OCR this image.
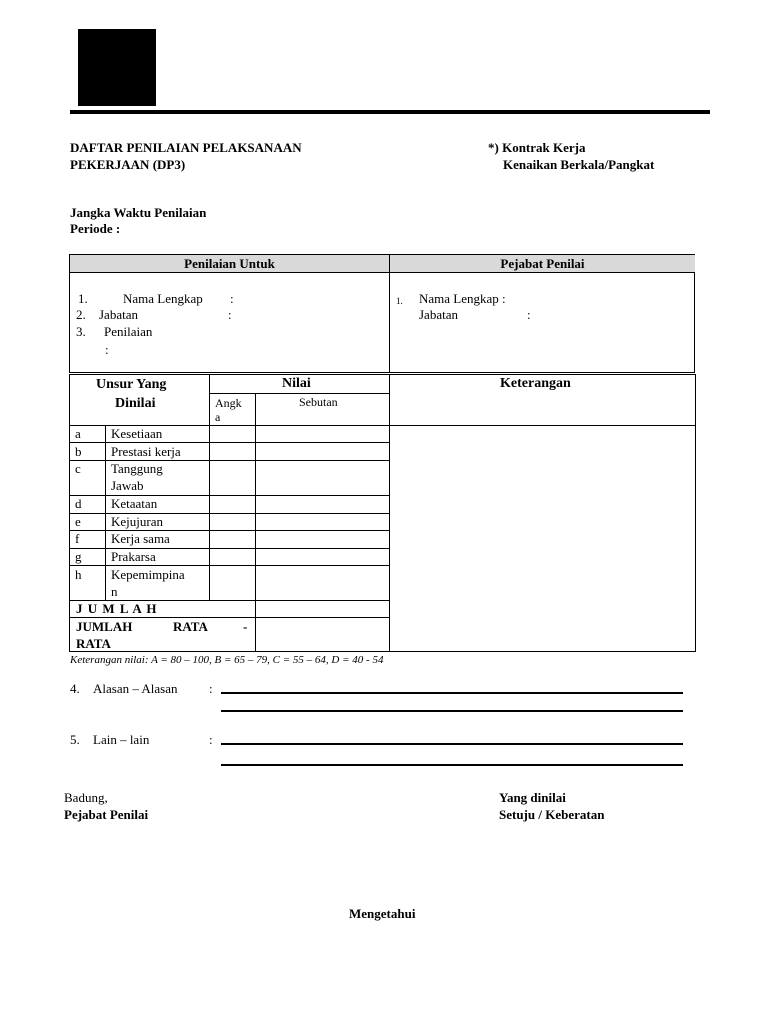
DAFTAR PENILAIAN PELAKSANAAN
PEKERJAAN (DP3)
*) Kontrak Kerja
Kenaikan Berkala/Pangkat
Jangka Waktu Penilaian
Periode :
Penilaian Untuk	Pejabat Penilai
1.	Nama Lengkap :
2. Jabatan	:
3. Penilaian
:
1. Nama Lengkap :
Jabatan	:
Unsur Yang
Dinilai
Nilai
Angk
a
Sebutan
Keterangan
a Kesetiaan
b Prestasi kerja
c Tanggung
Jawab
d Ketaatan
e Kejujuran
f Kerja sama
g Prakarsa
h Kepemimpina
n
J U M L A H
JUMLAH	RATA	-
RATA
Keterangan nilai: A = 80 – 100, B = 65 – 79, C = 55 – 64, D = 40 - 54
4. Alasan – Alasan :
5. Lain – lain	:
Badung,
Pejabat Penilai
Yang dinilai
Setuju / Keberatan
Mengetahui
